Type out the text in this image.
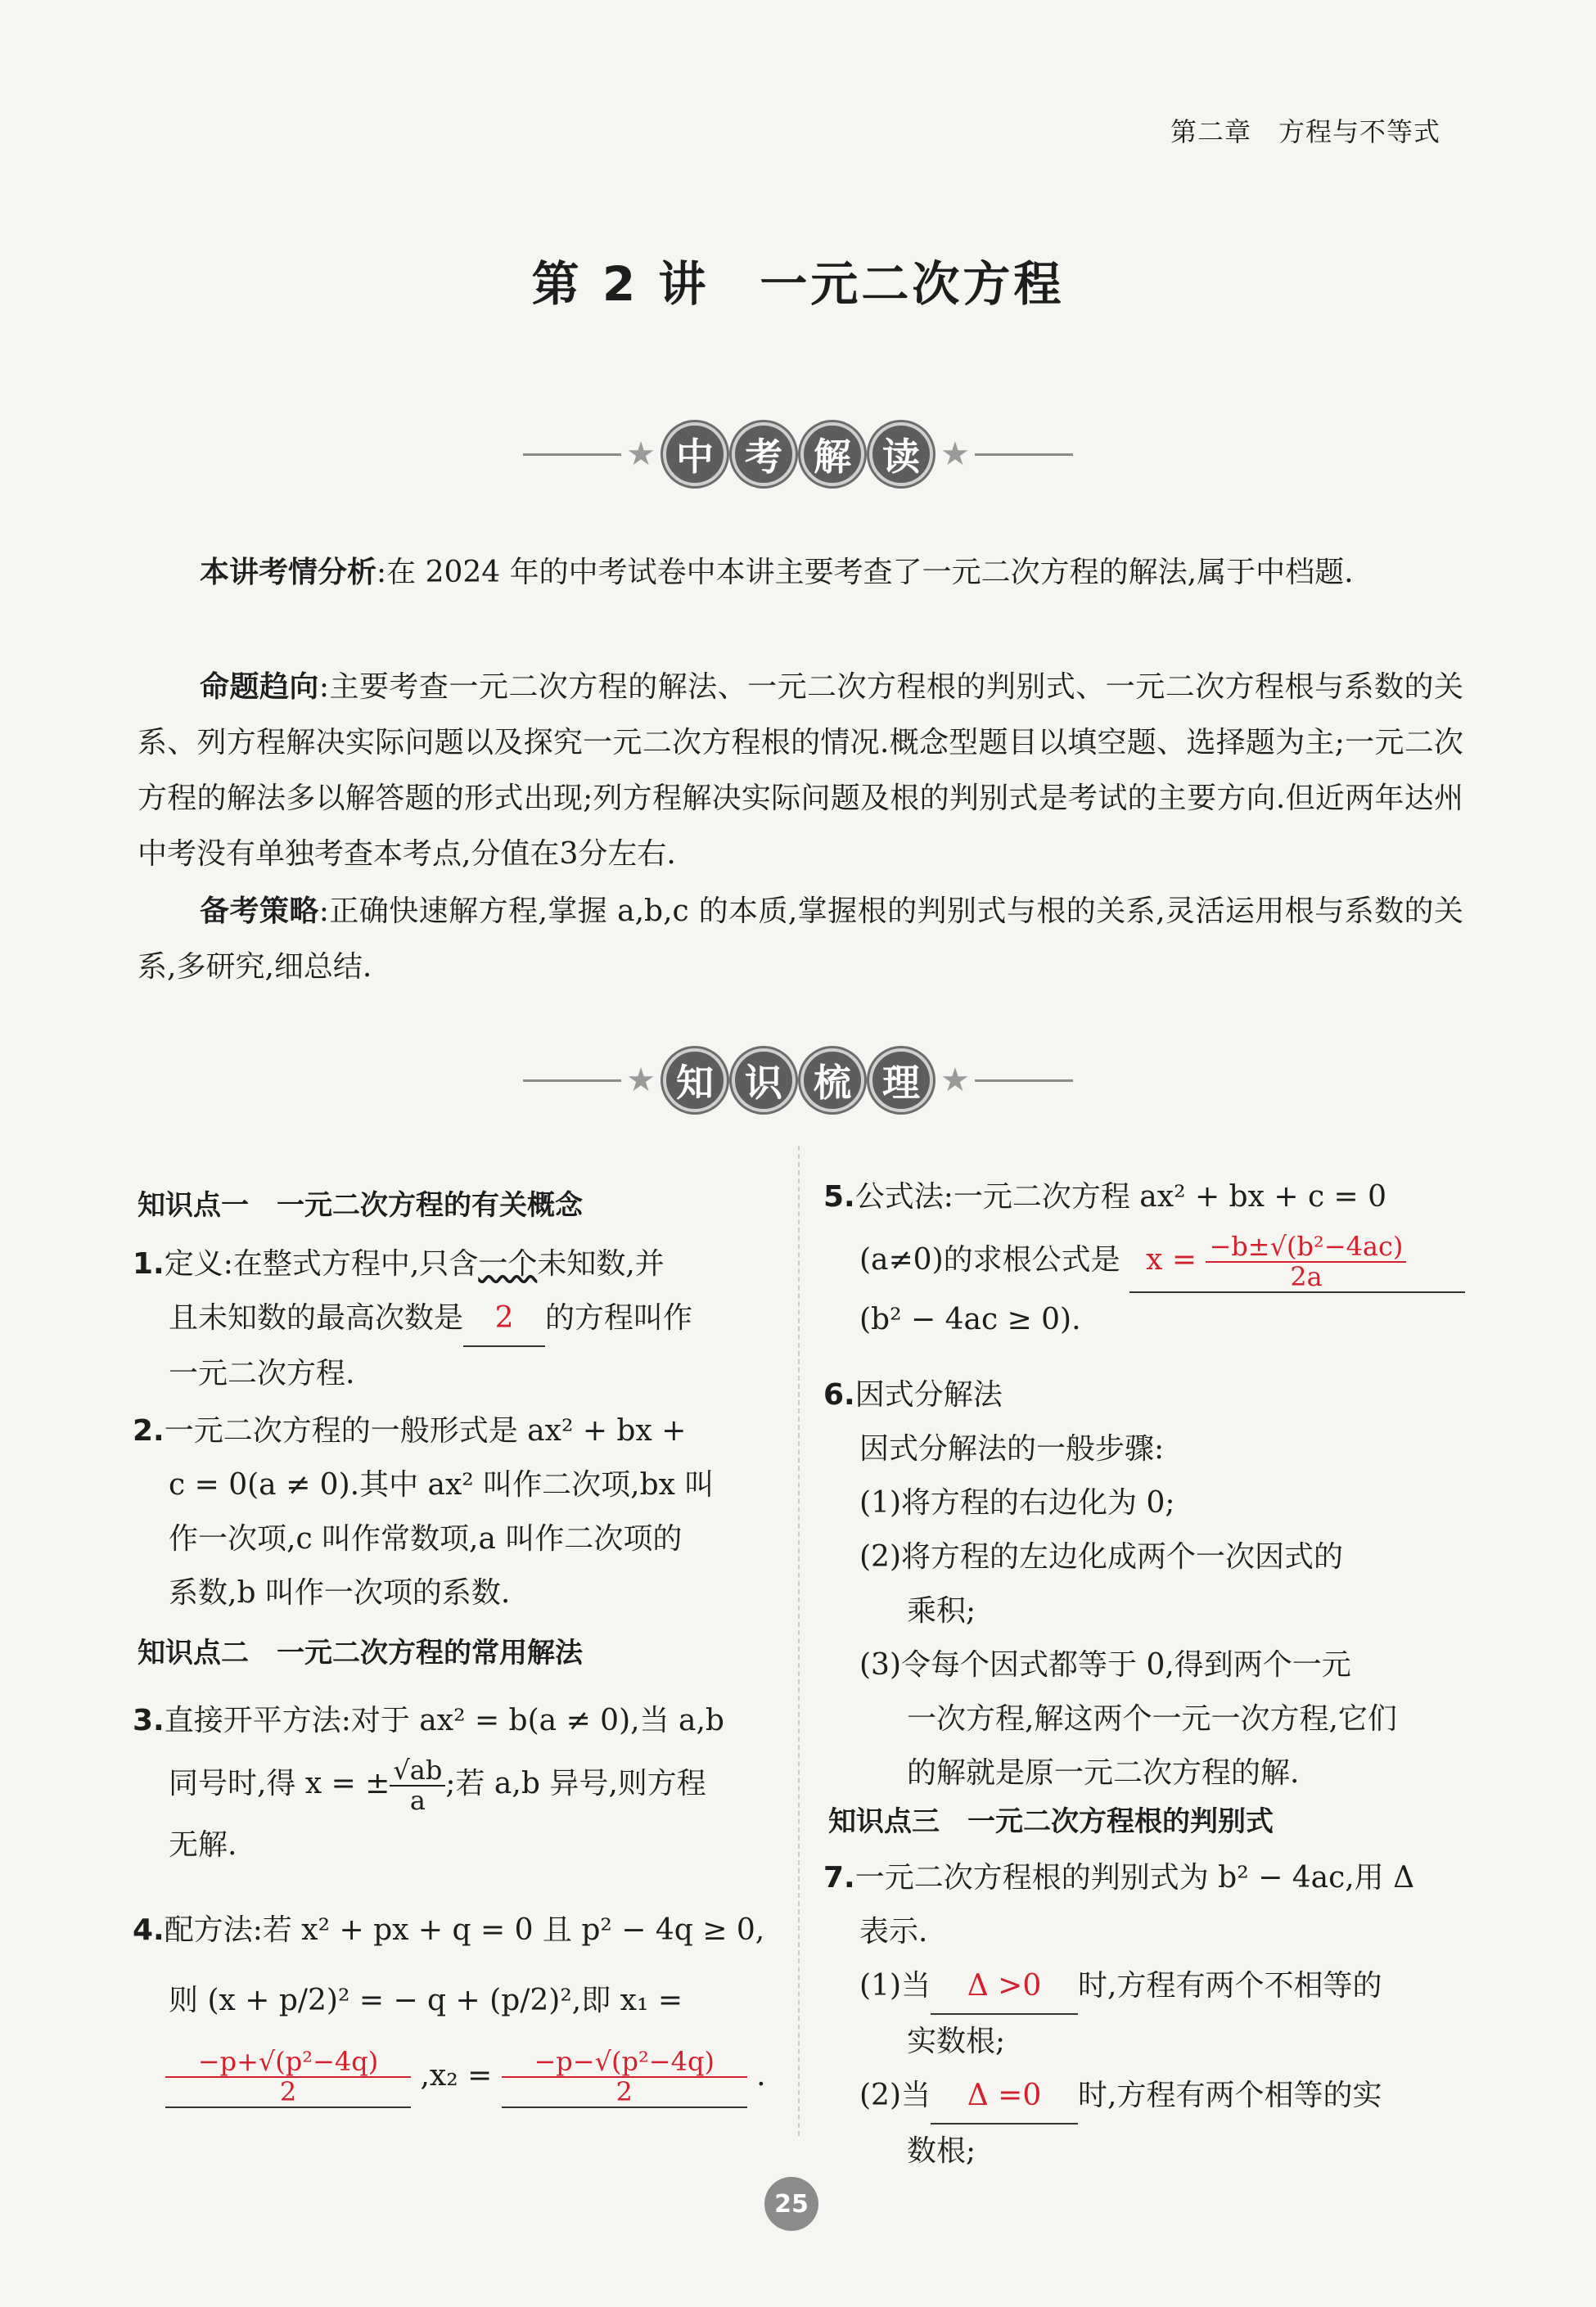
第二章　方程与不等式
第 2 讲　一元二次方程
★ 中 考 解 读 ★
本讲考情分析:在 2024 年的中考试卷中本讲主要考查了一元二次方程的解法,属于中档题.
命题趋向:主要考查一元二次方程的解法、一元二次方程根的判别式、一元二次方程根与系数的关系、列方程解决实际问题以及探究一元二次方程根的情况.概念型题目以填空题、选择题为主;一元二次方程的解法多以解答题的形式出现;列方程解决实际问题及根的判别式是考试的主要方向.但近两年达州中考没有单独考查本考点,分值在3分左右.
备考策略:正确快速解方程,掌握 a,b,c 的本质,掌握根的判别式与根的关系,灵活运用根与系数的关系,多研究,细总结.
★ 知 识 梳 理 ★
知识点一　一元二次方程的有关概念
1.定义:在整式方程中,只含一个未知数,并
且未知数的最高次数是 2 的方程叫作
一元二次方程.
2.一元二次方程的一般形式是 ax² + bx +
c = 0(a ≠ 0).其中 ax² 叫作二次项,bx 叫
作一次项,c 叫作常数项,a 叫作二次项的
系数,b 叫作一次项的系数.
知识点二　一元二次方程的常用解法
3.直接开平方法:对于 ax² = b(a ≠ 0),当 a,b
同号时,得 x = ± $\frac{√ab}{a}$ ;若 a,b 异号,则方程
无解.
4.配方法:若 x² + px + q = 0 且 p² − 4q ≥ 0,
则 (x + p/2)² = − q + (p/2)²,即 x₁ =
$\frac{\text{−p+√(p²−4q)}}{2} ,x_2 = \frac{\text{−p−√(p²−4q)}}{2}$ .
5.公式法:一元二次方程 ax² + bx + c = 0
(a≠0)的求根公式是 $x = \frac{\text{−b±√(b²−4ac)}}{2a}$
(b² − 4ac ≥ 0).
6.因式分解法
因式分解法的一般步骤:
(1)将方程的右边化为 0;
(2)将方程的左边化成两个一次因式的
乘积;
(3)令每个因式都等于 0,得到两个一元
一次方程,解这两个一元一次方程,它们
的解就是原一元二次方程的解.
知识点三　一元二次方程根的判别式
7.一元二次方程根的判别式为 b² − 4ac,用 Δ
表示.
(1)当 Δ >0 时,方程有两个不相等的
实数根;
(2)当 Δ =0 时,方程有两个相等的实
数根;
25
